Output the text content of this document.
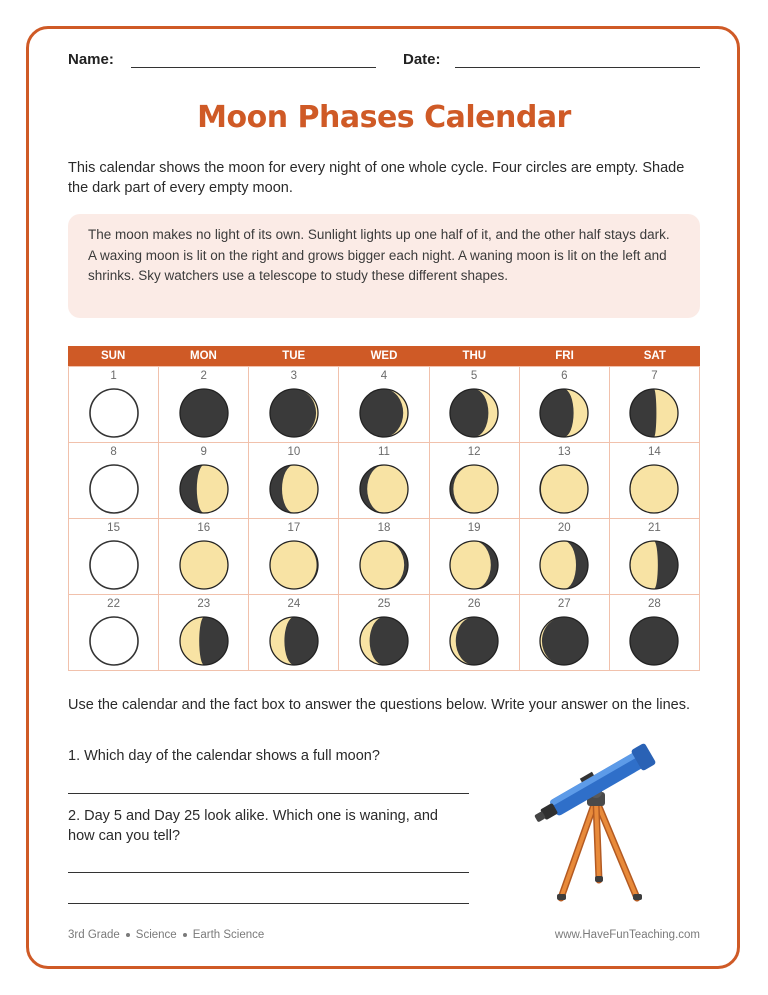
Name:	Date:
Moon Phases Calendar
This calendar shows the moon for every night of one whole cycle. Four circles are empty. Shade the dark part of every empty moon.
The moon makes no light of its own. Sunlight lights up one half of it, and the other half stays dark. A waxing moon is lit on the right and grows bigger each night. A waning moon is lit on the left and shrinks. Sky watchers use a telescope to study these different shapes.
SUN	MON	TUE	WED	THU	FRI	SAT
1	2	3	4	5	6	7
8	9	10	11	12	13	14
15	16	17	18	19	20	21
22	23	24	25	26	27	28
Use the calendar and the fact box to answer the questions below. Write your answer on the lines.
1. Which day of the calendar shows a full moon?
2. Day 5 and Day 25 look alike. Which one is waning, and how can you tell?
3rd Grade Science Earth Science	www.HaveFunTeaching.com
